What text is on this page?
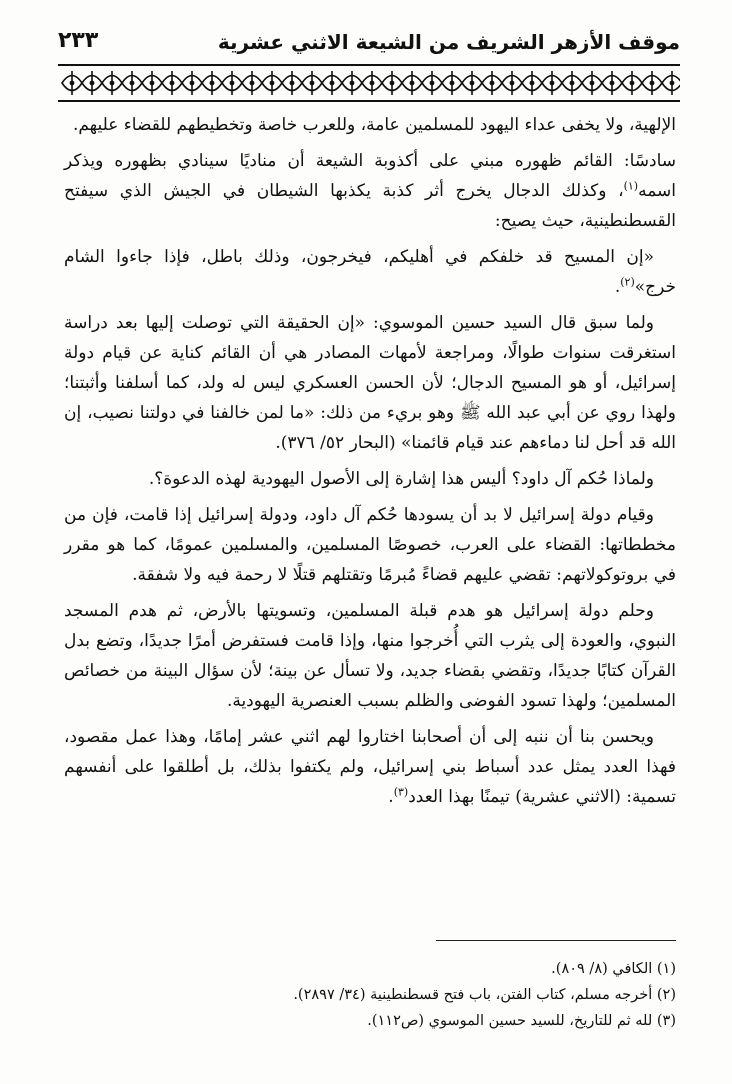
موقف الأزهر الشريف من الشيعة الاثني عشرية
٢٣٣

الإلهية، ولا يخفى عداء اليهود للمسلمين عامة، وللعرب خاصة وتخطيطهم للقضاء عليهم.

سادسًا: القائم ظهوره مبني على أكذوبة الشيعة أن مناديًا سينادي بظهوره ويذكر اسمه$^{(١)}$، وكذلك الدجال يخرج أثر كذبة يكذبها الشيطان في الجيش الذي سيفتح القسطنطينية، حيث يصيح:

«إن المسيح قد خلفكم في أهليكم، فيخرجون، وذلك باطل، فإذا جاءوا الشام خرج»$^{(٢)}$.

ولما سبق قال السيد حسين الموسوي: «إن الحقيقة التي توصلت إليها بعد دراسة استغرقت سنوات طوالًا، ومراجعة لأمهات المصادر هي أن القائم كناية عن قيام دولة إسرائيل، أو هو المسيح الدجال؛ لأن الحسن العسكري ليس له ولد، كما أسلفنا وأثبتنا؛ ولهذا روي عن أبي عبد الله ﷺ وهو بريء من ذلك: «ما لمن خالفنا في دولتنا نصيب، إن الله قد أحل لنا دماءهم عند قيام قائمنا» (البحار ٥٢/ ٣٧٦).

ولماذا حُكم آل داود؟ أليس هذا إشارة إلى الأصول اليهودية لهذه الدعوة؟.

وقيام دولة إسرائيل لا بد أن يسودها حُكم آل داود، ودولة إسرائيل إذا قامت، فإن من مخططاتها: القضاء على العرب، خصوصًا المسلمين، والمسلمين عمومًا، كما هو مقرر في بروتوكولاتهم: تقضي عليهم قضاءً مُبرمًا وتقتلهم قتلًا لا رحمة فيه ولا شفقة.

وحلم دولة إسرائيل هو هدم قبلة المسلمين، وتسويتها بالأرض، ثم هدم المسجد النبوي، والعودة إلى يثرب التي أُخرجوا منها، وإذا قامت فستفرض أمرًا جديدًا، وتضع بدل القرآن كتابًا جديدًا، وتقضي بقضاء جديد، ولا تسأل عن بينة؛ لأن سؤال البينة من خصائص المسلمين؛ ولهذا تسود الفوضى والظلم بسبب العنصرية اليهودية.

ويحسن بنا أن ننبه إلى أن أصحابنا اختاروا لهم اثني عشر إمامًا، وهذا عمل مقصود، فهذا العدد يمثل عدد أسباط بني إسرائيل، ولم يكتفوا بذلك، بل أطلقوا على أنفسهم تسمية: (الاثني عشرية) تيمنًا بهذا العدد$^{(٣)}$.

(١) الكافي (٨/ ٨٠٩).
(٢) أخرجه مسلم، كتاب الفتن، باب فتح قسطنطينية (٣٤/ ٢٨٩٧).
(٣) لله ثم للتاريخ، للسيد حسين الموسوي (ص١١٢).
